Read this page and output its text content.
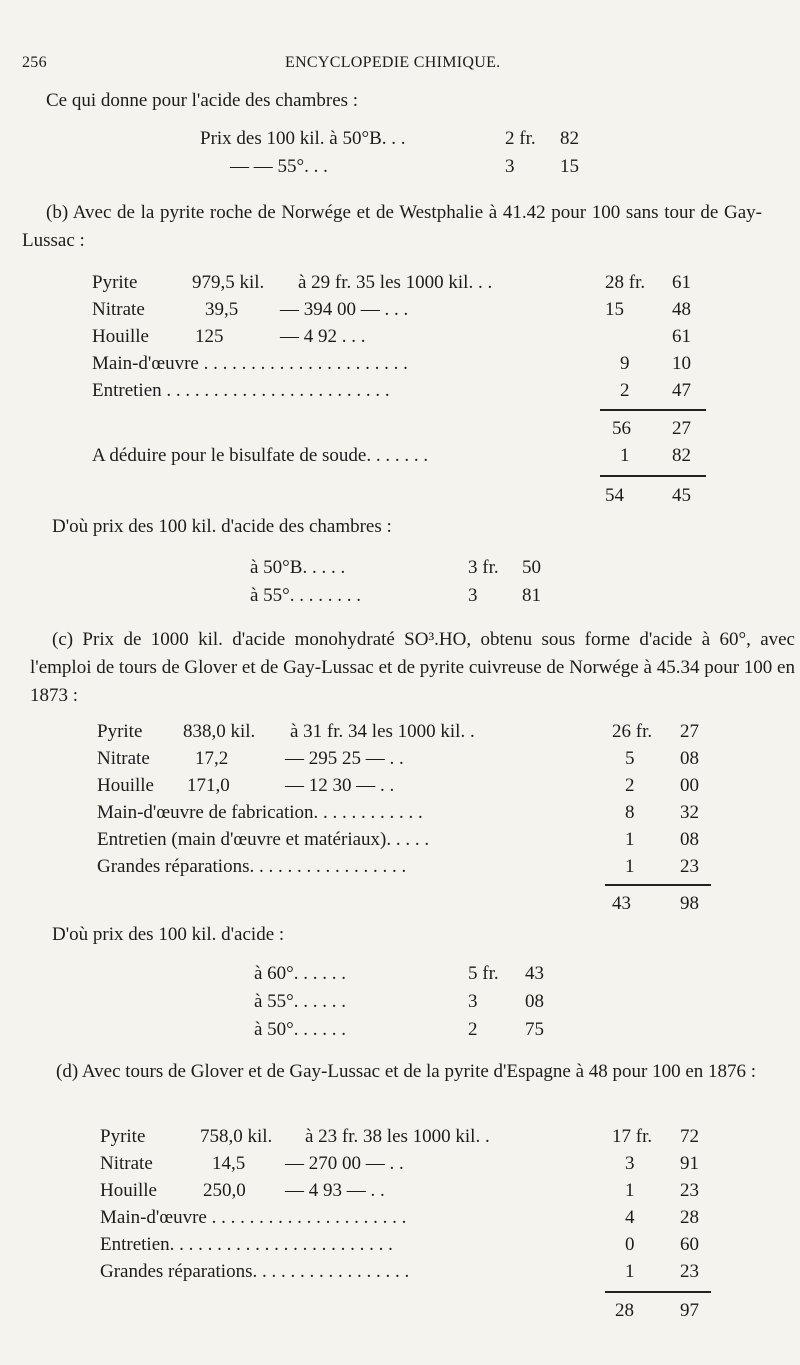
256	ENCYCLOPEDIE CHIMIQUE.
Ce qui donne pour l'acide des chambres :
Prix des 100 kil. à 50°B. . .	2 fr. 82
— — 55°. . .	3 15
(b) Avec de la pyrite roche de Norwége et de Westphalie à 41.42 pour 100 sans tour de Gay-Lussac :
Pyrite	979,5 kil. à 29 fr. 35 les 1000 kil. . .	28 fr. 61
Nitrate	39,5 — 394 00 — . . .	15	48
Houille 125	— 4 92 . . .	61
Main-d'œuvre . . . . . . . . . . . . . . . . . . . . . .	9 10
Entretien . . . . . . . . . . . . . . . . . . . . . . . .	2 47
56 27
A déduire pour le bisulfate de soude. . . . . . .	1 82
54	45
D'où prix des 100 kil. d'acide des chambres :
à 50°B. . . . .	3 fr. 50
à 55°. . . . . . . .	3 81
(c) Prix de 1000 kil. d'acide monohydraté SO³.HO, obtenu sous forme d'acide à 60°, avec l'emploi de tours de Glover et de Gay-Lussac et de pyrite cuivreuse de Norwége à 45.34 pour 100 en 1873 :
Pyrite 838,0 kil. à 31 fr. 34 les 1000 kil. .	26 fr. 27
Nitrate 17,2	— 295 25 — . .	5 08
Houille 171,0	— 12 30 — . .	2 00
Main-d'œuvre de fabrication. . . . . . . . . . . .	8 32
Entretien (main d'œuvre et matériaux). . . . .	1 08
Grandes réparations. . . . . . . . . . . . . . . . .	1 23
43	98
D'où prix des 100 kil. d'acide :
à 60°. . . . . .	5 fr. 43
à 55°. . . . . .	3	08
à 50°. . . . . .	2	75
(d) Avec tours de Glover et de Gay-Lussac et de la pyrite d'Espagne à 48 pour 100 en 1876 :
Pyrite	758,0 kil. à 23 fr. 38 les 1000 kil. .	17 fr. 72
Nitrate	14,5 — 270 00 — . .	3 91
Houille 250,0 — 4 93 — . .	1 23
Main-d'œuvre . . . . . . . . . . . . . . . . . . . . .	4 28
Entretien. . . . . . . . . . . . . . . . . . . . . . . .	0 60
Grandes réparations. . . . . . . . . . . . . . . . .	1 23
28 97
